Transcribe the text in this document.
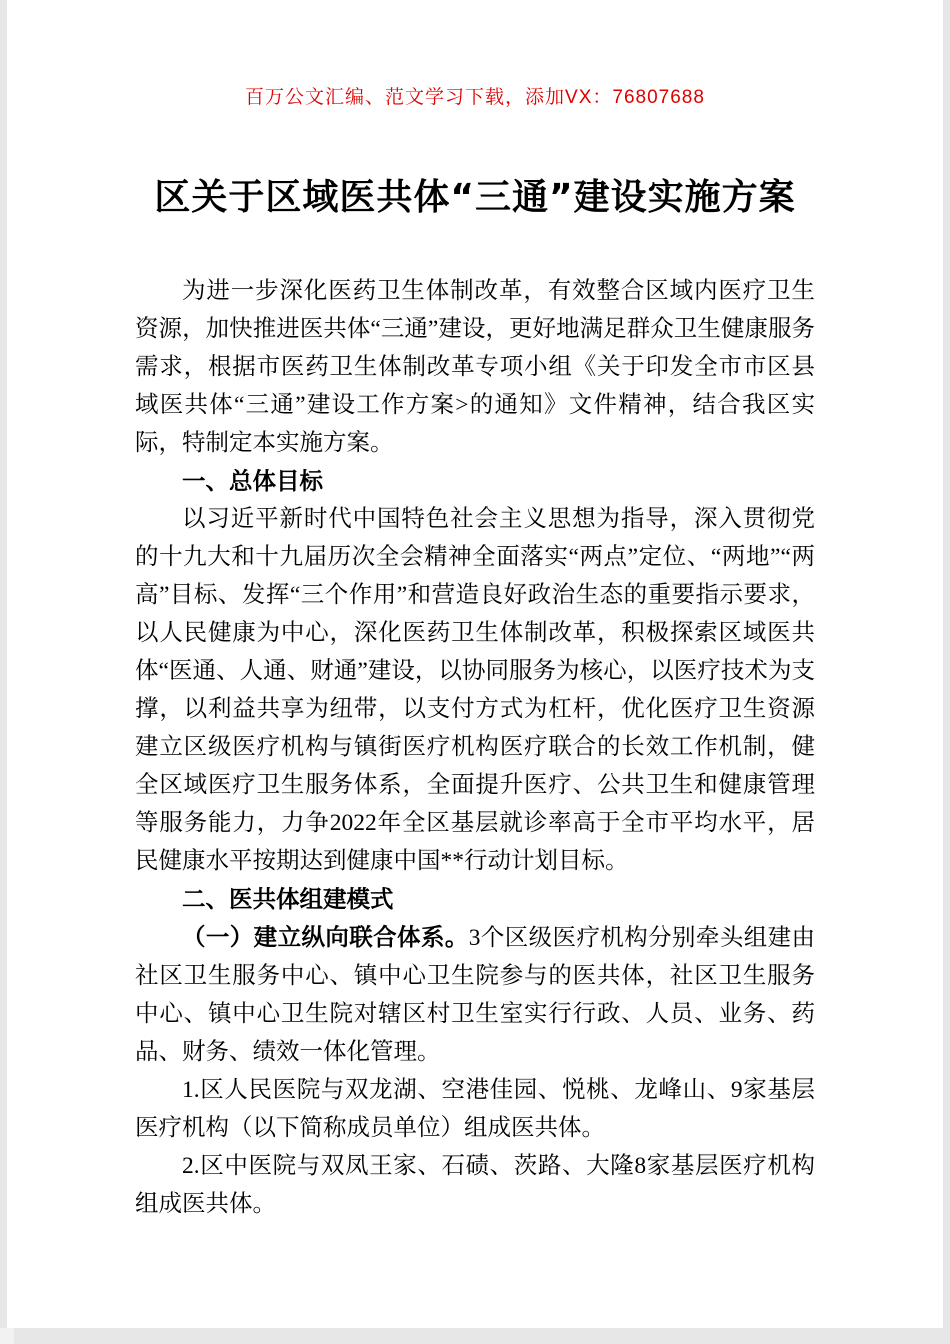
百万公文汇编、范文学习下载，添加VX：76807688
区关于区域医共体“三通”建设实施方案

为进一步深化医药卫生体制改革，有效整合区域内医疗卫生资源，加快推进医共体“三通”建设，更好地满足群众卫生健康服务需求，根据市医药卫生体制改革专项小组《关于印发全市市区县域医共体“三通”建设工作方案>的通知》文件精神，结合我区实际，特制定本实施方案。

一、总体目标

以习近平新时代中国特色社会主义思想为指导，深入贯彻党的十九大和十九届历次全会精神全面落实“两点”定位、“两地”“两高”目标、发挥“三个作用”和营造良好政治生态的重要指示要求，以人民健康为中心，深化医药卫生体制改革，积极探索区域医共体“医通、人通、财通”建设，以协同服务为核心，以医疗技术为支撑，以利益共享为纽带，以支付方式为杠杆，优化医疗卫生资源建立区级医疗机构与镇街医疗机构医疗联合的长效工作机制，健全区域医疗卫生服务体系，全面提升医疗、公共卫生和健康管理等服务能力，力争2022年全区基层就诊率高于全市平均水平，居民健康水平按期达到健康中国**行动计划目标。

二、医共体组建模式

（一）建立纵向联合体系。3个区级医疗机构分别牵头组建由社区卫生服务中心、镇中心卫生院参与的医共体，社区卫生服务中心、镇中心卫生院对辖区村卫生室实行行政、人员、业务、药品、财务、绩效一体化管理。

1.区人民医院与双龙湖、空港佳园、悦桃、龙峰山、9家基层医疗机构（以下简称成员单位）组成医共体。

2.区中医院与双凤王家、石碛、茨路、大隆8家基层医疗机构组成医共体。
